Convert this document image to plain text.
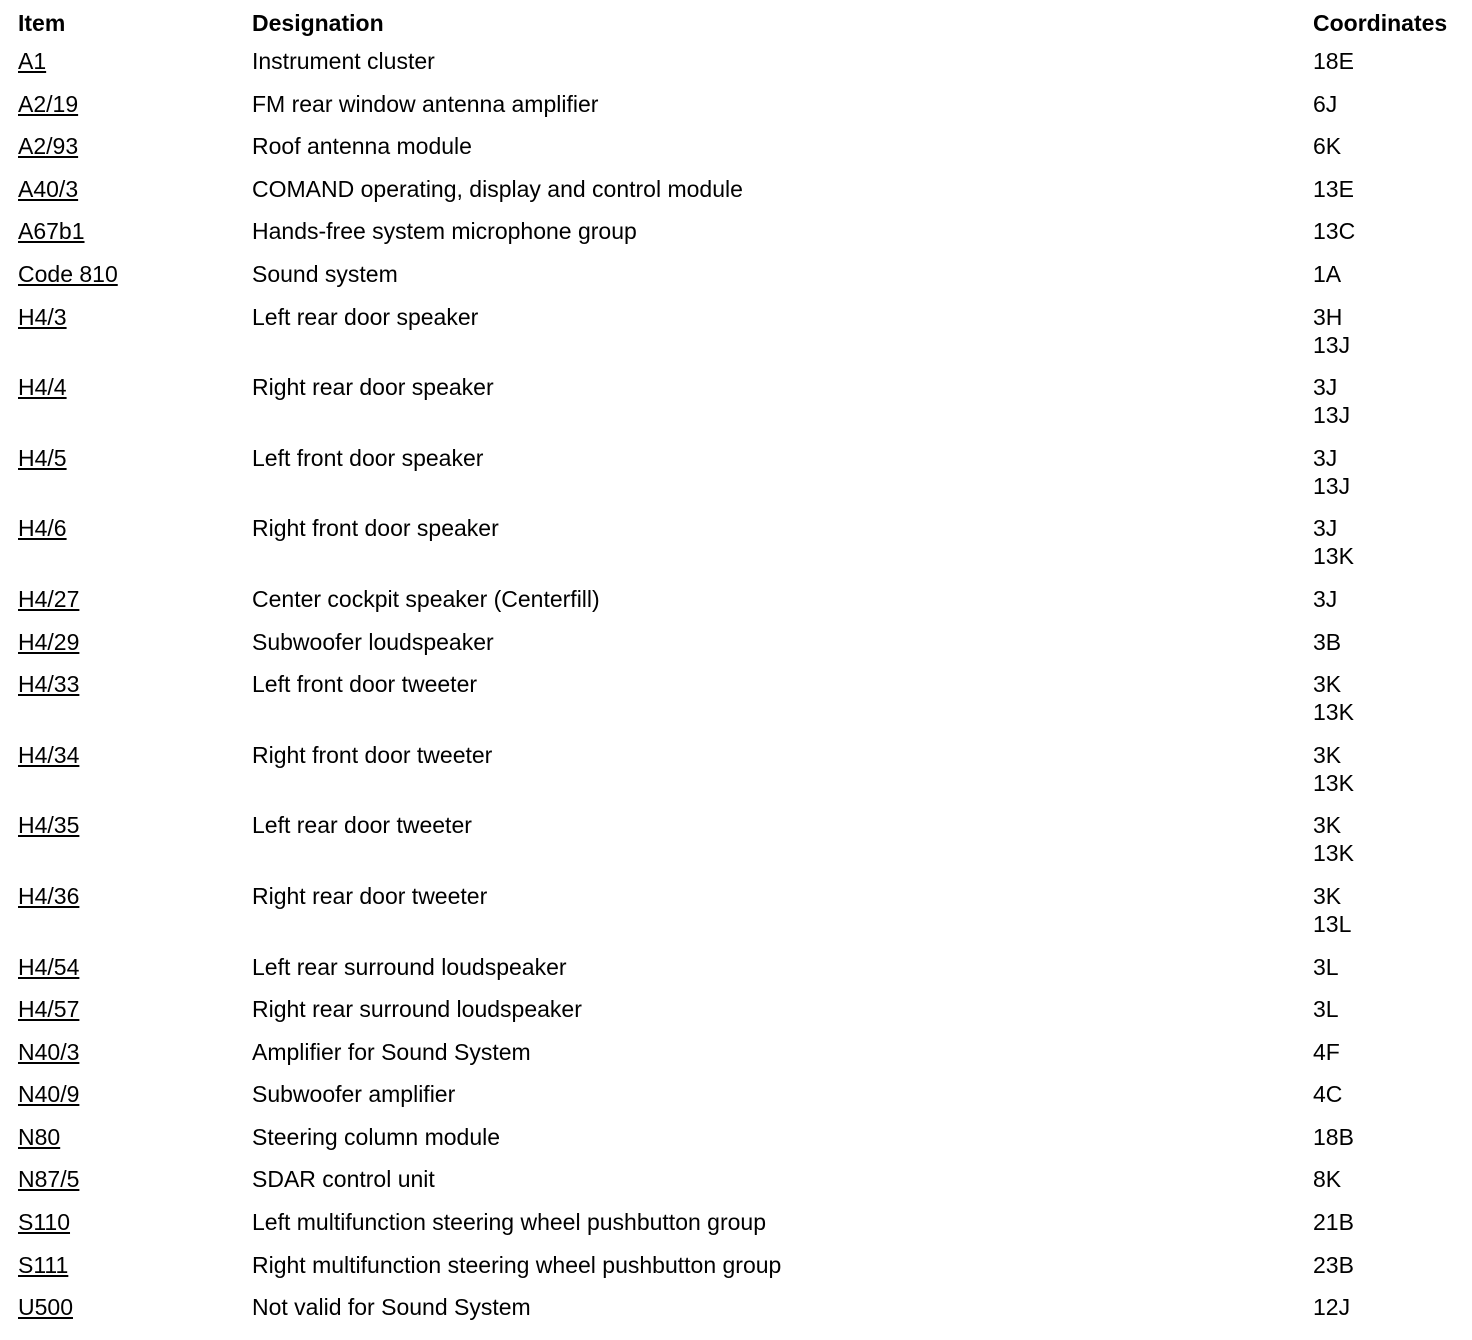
Item	Designation	Coordinates
A1	Instrument cluster	18E
A2/19	FM rear window antenna amplifier	6J
A2/93	Roof antenna module	6K
A40/3	COMAND operating, display and control module	13E
A67b1	Hands-free system microphone group	13C
Code 810	Sound system	1A
H4/3	Left rear door speaker	3H
13J
H4/4	Right rear door speaker	3J
13J
H4/5	Left front door speaker	3J
13J
H4/6	Right front door speaker	3J
13K
H4/27	Center cockpit speaker (Centerfill)	3J
H4/29	Subwoofer loudspeaker	3B
H4/33	Left front door tweeter	3K
13K
H4/34	Right front door tweeter	3K
13K
H4/35	Left rear door tweeter	3K
13K
H4/36	Right rear door tweeter	3K
13L
H4/54	Left rear surround loudspeaker	3L
H4/57	Right rear surround loudspeaker	3L
N40/3	Amplifier for Sound System	4F
N40/9	Subwoofer amplifier	4C
N80	Steering column module	18B
N87/5	SDAR control unit	8K
S110	Left multifunction steering wheel pushbutton group	21B
S111	Right multifunction steering wheel pushbutton group	23B
U500	Not valid for Sound System	12J
